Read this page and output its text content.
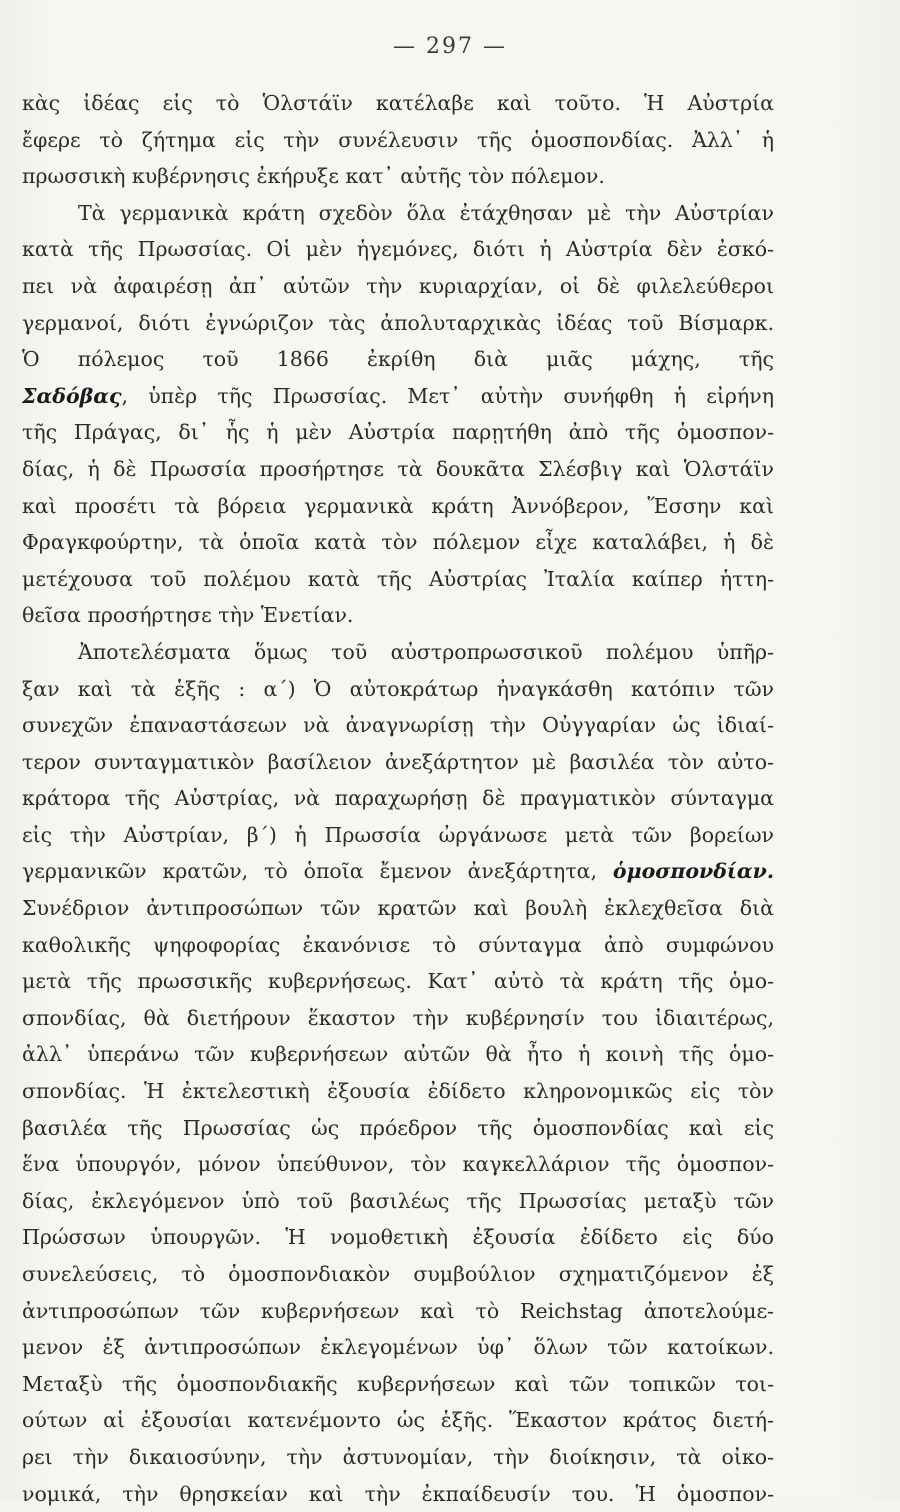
— 297 —
κὰς ἰδέας εἰς τὸ Ὁλστάϊν κατέλαβε καὶ τοῦτο. Ἡ Αὐστρία
ἔφερε τὸ ζήτημα εἰς τὴν συνέλευσιν τῆς ὁμοσπονδίας. Ἀλλ᾽ ἡ
πρωσσικὴ κυβέρνησις ἐκήρυξε κατ᾽ αὐτῆς τὸν πόλεμον.
Τὰ γερμανικὰ κράτη σχεδὸν ὅλα ἐτάχθησαν μὲ τὴν Αὐστρίαν
κατὰ τῆς Πρωσσίας. Οἱ μὲν ἡγεμόνες, διότι ἡ Αὐστρία δὲν ἐσκό-
πει νὰ ἀφαιρέσῃ ἀπ᾽ αὐτῶν τὴν κυριαρχίαν, οἱ δὲ φιλελεύθεροι
γερμανοί, διότι ἐγνώριζον τὰς ἀπολυταρχικὰς ἰδέας τοῦ Βίσμαρκ.
Ὁ πόλεμος τοῦ 1866 ἐκρίθη διὰ μιᾶς μάχης, τῆς
Σαδόβας, ὑπὲρ τῆς Πρωσσίας. Μετ᾽ αὐτὴν συνήφθη ἡ εἰρήνη
τῆς Πράγας, δι᾽ ἧς ἡ μὲν Αὐστρία παρῃτήθη ἀπὸ τῆς ὁμοσπον-
δίας, ἡ δὲ Πρωσσία προσήρτησε τὰ δουκᾶτα Σλέσβιγ καὶ Ὁλστάϊν
καὶ προσέτι τὰ βόρεια γερμανικὰ κράτη Ἀννόβερον, Ἕσσην καὶ
Φραγκφούρτην, τὰ ὁποῖα κατὰ τὸν πόλεμον εἶχε καταλάβει, ἡ δὲ
μετέχουσα τοῦ πολέμου κατὰ τῆς Αὐστρίας Ἰταλία καίπερ ἡττη-
θεῖσα προσήρτησε τὴν Ἑνετίαν.
Ἀποτελέσματα ὅμως τοῦ αὐστροπρωσσικοῦ πολέμου ὑπῆρ-
ξαν καὶ τὰ ἑξῆς : α΄) Ὁ αὐτοκράτωρ ἠναγκάσθη κατόπιν τῶν
συνεχῶν ἐπαναστάσεων νὰ ἀναγνωρίσῃ τὴν Οὐγγαρίαν ὡς ἰδιαί-
τερον συνταγματικὸν βασίλειον ἀνεξάρτητον μὲ βασιλέα τὸν αὐτο-
κράτορα τῆς Αὐστρίας, νὰ παραχωρήσῃ δὲ πραγματικὸν σύνταγμα
εἰς τὴν Αὐστρίαν, β΄) ἡ Πρωσσία ὠργάνωσε μετὰ τῶν βορείων
γερμανικῶν κρατῶν, τὸ ὁποῖα ἔμενον ἀνεξάρτητα, ὁμοσπονδίαν.
Συνέδριον ἀντιπροσώπων τῶν κρατῶν καὶ βουλὴ ἐκλεχθεῖσα διὰ
καθολικῆς ψηφοφορίας ἐκανόνισε τὸ σύνταγμα ἀπὸ συμφώνου
μετὰ τῆς πρωσσικῆς κυβερνήσεως. Κατ᾽ αὐτὸ τὰ κράτη τῆς ὁμο-
σπονδίας, θὰ διετήρουν ἕκαστον τὴν κυβέρνησίν του ἰδιαιτέρως,
ἀλλ᾽ ὑπεράνω τῶν κυβερνήσεων αὐτῶν θὰ ἦτο ἡ κοινὴ τῆς ὁμο-
σπονδίας. Ἡ ἐκτελεστικὴ ἐξουσία ἐδίδετο κληρονομικῶς εἰς τὸν
βασιλέα τῆς Πρωσσίας ὡς πρόεδρον τῆς ὁμοσπονδίας καὶ εἰς
ἕνα ὑπουργόν, μόνον ὑπεύθυνον, τὸν καγκελλάριον τῆς ὁμοσπον-
δίας, ἐκλεγόμενον ὑπὸ τοῦ βασιλέως τῆς Πρωσσίας μεταξὺ τῶν
Πρώσσων ὑπουργῶν. Ἡ νομοθετικὴ ἐξουσία ἐδίδετο εἰς δύο
συνελεύσεις, τὸ ὁμοσπονδιακὸν συμβούλιον σχηματιζόμενον ἐξ
ἀντιπροσώπων τῶν κυβερνήσεων καὶ τὸ Reichstag ἀποτελούμε-
μενον ἐξ ἀντιπροσώπων ἐκλεγομένων ὑφ᾽ ὅλων τῶν κατοίκων.
Μεταξὺ τῆς ὁμοσπονδιακῆς κυβερνήσεων καὶ τῶν τοπικῶν τοι-
ούτων αἱ ἐξουσίαι κατενέμοντο ὡς ἑξῆς. Ἕκαστον κράτος διετή-
ρει τὴν δικαιοσύνην, τὴν ἀστυνομίαν, τὴν διοίκησιν, τὰ οἰκο-
νομικά, τὴν θρησκείαν καὶ τὴν ἐκπαίδευσίν του. Ἡ ὁμοσπον-
